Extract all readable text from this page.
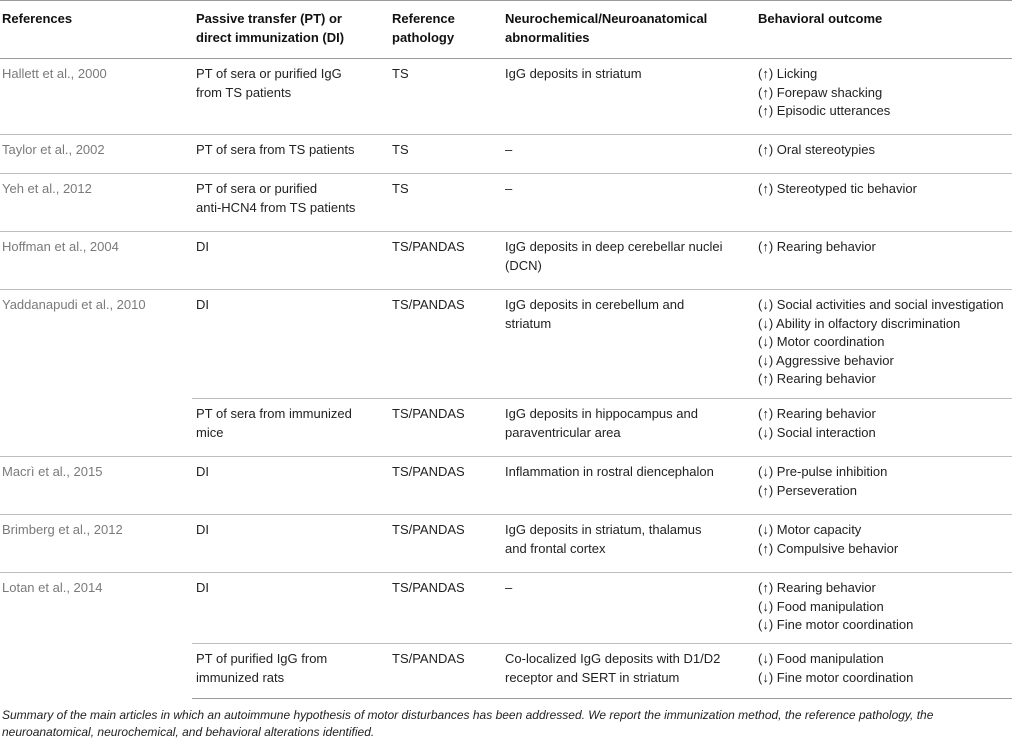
References	Passive transfer (PT) or
direct immunization (DI)	Reference
pathology	Neurochemical/Neuroanatomical
abnormalities	Behavioral outcome

Hallett et al., 2000	PT of sera or purified IgG
from TS patients	TS	IgG deposits in striatum	(↑) Licking
(↑) Forepaw shacking
(↑) Episodic utterances

Taylor et al., 2002	PT of sera from TS patients	TS	–	(↑) Oral stereotypies

Yeh et al., 2012	PT of sera or purified
anti-HCN4 from TS patients	TS	–	(↑) Stereotyped tic behavior

Hoffman et al., 2004	DI	TS/PANDAS	IgG deposits in deep cerebellar nuclei
(DCN)	(↑) Rearing behavior

Yaddanapudi et al., 2010	DI	TS/PANDAS	IgG deposits in cerebellum and
striatum	(↓) Social activities and social investigation
(↓) Ability in olfactory discrimination
(↓) Motor coordination
(↓) Aggressive behavior
(↑) Rearing behavior

	PT of sera from immunized
mice	TS/PANDAS	IgG deposits in hippocampus and
paraventricular area	(↑) Rearing behavior
(↓) Social interaction

Macrì et al., 2015	DI	TS/PANDAS	Inflammation in rostral diencephalon	(↓) Pre-pulse inhibition
(↑) Perseveration

Brimberg et al., 2012	DI	TS/PANDAS	IgG deposits in striatum, thalamus
and frontal cortex	(↓) Motor capacity
(↑) Compulsive behavior

Lotan et al., 2014	DI	TS/PANDAS	–	(↑) Rearing behavior
(↓) Food manipulation
(↓) Fine motor coordination

	PT of purified IgG from
immunized rats	TS/PANDAS	Co-localized IgG deposits with D1/D2
receptor and SERT in striatum	(↓) Food manipulation
(↓) Fine motor coordination
Summary of the main articles in which an autoimmune hypothesis of motor disturbances has been addressed. We report the immunization method, the reference pathology, the neuroanatomical, neurochemical, and behavioral alterations identified.
